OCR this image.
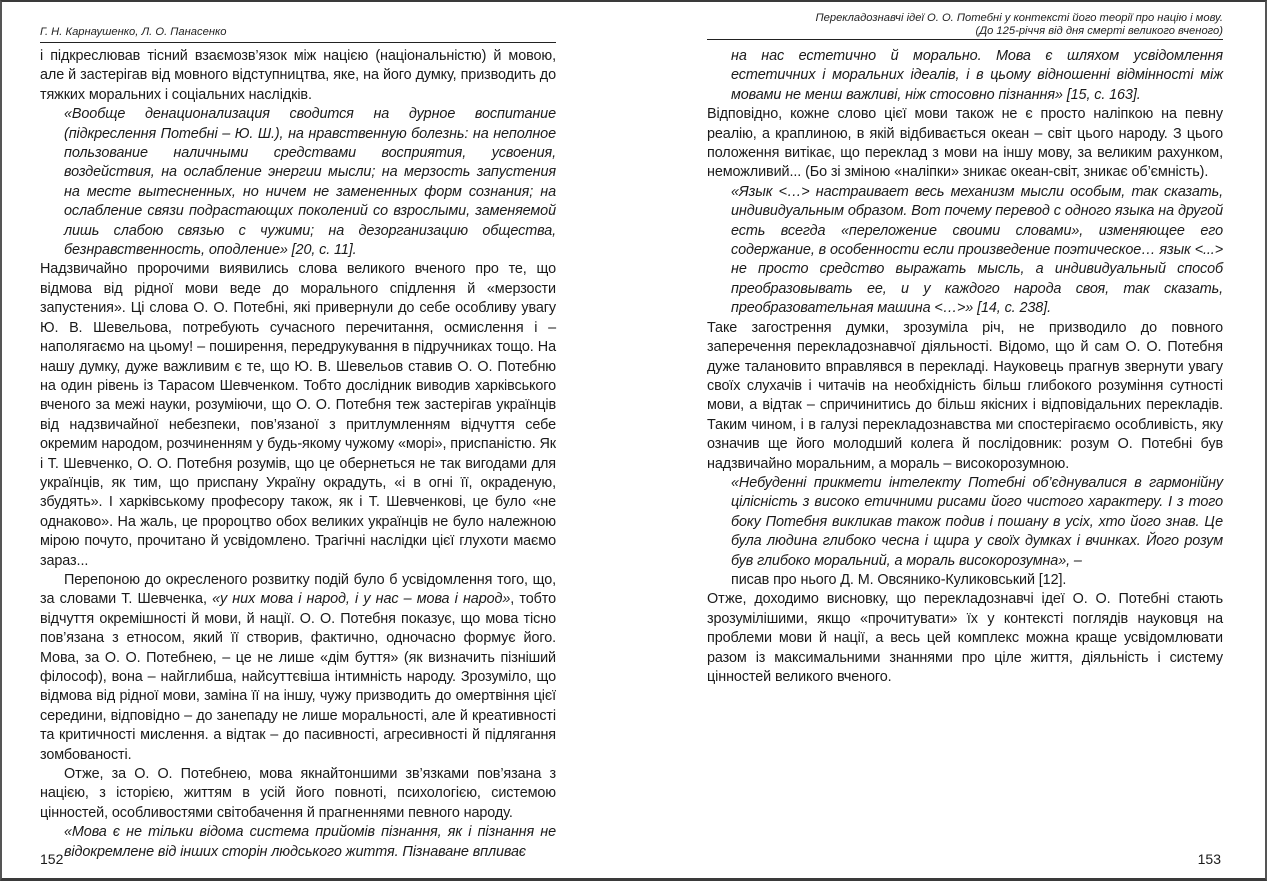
Г. Н. Карнаушенко, Л. О. Панасенко

і підкреслював тісний взаємозв’язок між нацією (національністю) й мовою, але й застерігав від мовного відступництва, яке, на його думку, призводить до тяжких моральних і соціальних наслідків.

«Вообще денационализация сводится на дурное воспитание (підкреслення Потебні – Ю. Ш.), на нравственную болезнь: на неполное пользование наличными средствами восприятия, усвоения, воздействия, на ослабление энергии мысли; на мерзость запустения на месте вытесненных, но ничем не замененных форм сознания; на ослабление связи подрастающих поколений со взрослыми, заменяемой лишь слабою связью с чужими; на дезорганизацию общества, безнравственность, оподление» [20, с. 11].

Надзвичайно пророчими виявились слова великого вченого про те, що відмова від рідної мови веде до морального спідлення й «мерзости запустения». Ці слова О. О. Потебні, які привернули до себе особливу увагу Ю. В. Шевельова, потребують сучасного перечитання, осмислення і – наполягаємо на цьому! – поширення, передрукування в підручниках тощо. На нашу думку, дуже важливим є те, що Ю. В. Шевельов ставив О. О. Потебню на один рівень із Тарасом Шевченком. Тобто дослідник виводив харківського вченого за межі науки, розуміючи, що О. О. Потебня теж застерігав українців від надзвичайної небезпеки, пов’язаної з притлумленням відчуття себе окремим народом, розчиненням у будь-якому чужому «морі», приспаністю. Як і Т. Шевченко, О. О. Потебня розумів, що це обернеться не так вигодами для українців, як тим, що приспану Україну окрадуть, «і в огні її, окраденую, збудять». І харківському професору також, як і Т. Шевченкові, це було «не однаково». На жаль, це пророцтво обох великих українців не було належною мірою почуто, прочитано й усвідомлено. Трагічні наслідки цієї глухоти маємо зараз...

Перепоною до окресленого розвитку подій було б усвідомлення того, що, за словами Т. Шевченка, «у них мова і народ, і у нас – мова і народ», тобто відчуття окремішності й мови, й нації. О. О. Потебня показує, що мова тісно пов’язана з етносом, який її створив, фактично, одночасно формує його. Мова, за О. О. Потебнею, – це не лише «дім буття» (як визначить пізніший філософ), вона – найглибша, найсуттєвіша інтимність народу. Зрозуміло, що відмова від рідної мови, заміна її на іншу, чужу призводить до омертвіння цієї середини, відповідно – до занепаду не лише моральності, але й креативності та критичності мислення. а відтак – до пасивності, агресивності й підлягання зомбованості.

Отже, за О. О. Потебнею, мова якнайтоншими зв’язками пов’язана з нацією, з історією, життям в усій його повноті, психологією, системою цінностей, особливостями світобачення й прагненнями певного народу.

«Мова є не тільки відома система прийомів пізнання, як і пізнання не відокремлене від інших сторін людського життя. Пізнаване впливає

152
Перекладознавчі ідеї О. О. Потебні у контексті його теорії про націю і мову.
(До 125-річчя від дня смерті великого вченого)

на нас естетично й морально. Мова є шляхом усвідомлення естетичних і моральних ідеалів, і в цьому відношенні відмінності між мовами не менш важливі, ніж стосовно пізнання» [15, с. 163].

Відповідно, кожне слово цієї мови також не є просто наліпкою на певну реалію, а краплиною, в якій відбивається океан – світ цього народу. З цього положення витікає, що переклад з мови на іншу мову, за великим рахунком, неможливий... (Бо зі зміною «наліпки» зникає океан-світ, зникає об’ємність).

«Язык <…> настраивает весь механизм мысли особым, так сказать, индивидуальным образом. Вот почему перевод с одного языка на другой есть всегда «переложение своими словами», изменяющее его содержание, в особенности если произведение поэтическое… язык <...> не просто средство выражать мысль, а индивидуальный способ преобразовывать ее, и у каждого народа своя, так сказать, преобразовательная машина <…>» [14, с. 238].

Таке загострення думки, зрозуміла річ, не призводило до повного заперечення перекладознавчої діяльності. Відомо, що й сам О. О. Потебня дуже талановито вправлявся в перекладі. Науковець прагнув звернути увагу своїх слухачів і читачів на необхідність більш глибокого розуміння сутності мови, а відтак – спричинитись до більш якісних і відповідальних перекладів. Таким чином, і в галузі перекладознавства ми спостерігаємо особливість, яку означив ще його молодший колега й послідовник: розум О. Потебні був надзвичайно моральним, а мораль – високорозумною.

«Небуденні прикмети інтелекту Потебні об’єднувалися в гармонійну цілісність з високо етичними рисами його чистого характеру. І з того боку Потебня викликав також подив і пошану в усіх, хто його знав. Це була людина глибоко чесна і щира у своїх думках і вчинках. Його розум був глибоко моральний, а мораль високорозумна», –

писав про нього Д. М. Овсянико-Куликовський [12].

Отже, доходимо висновку, що перекладознавчі ідеї О. О. Потебні стають зрозумілішими, якщо «прочитувати» їх у контексті поглядів науковця на проблеми мови й нації, а весь цей комплекс можна краще усвідомлювати разом із максимальними знаннями про ціле життя, діяльність і систему цінностей великого вченого.

153
